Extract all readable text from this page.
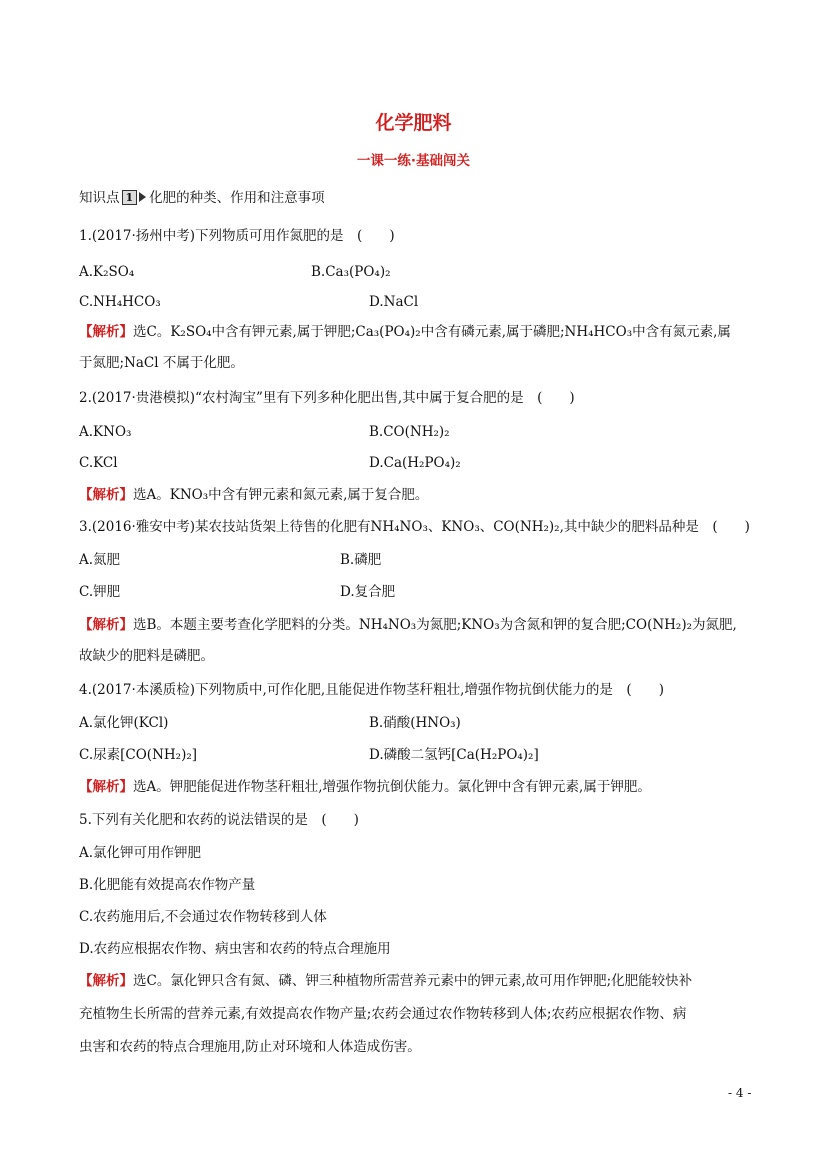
化学肥料
一课一练·基础闯关
知识点 1 化肥的种类、作用和注意事项
1.(2017·扬州中考)下列物质可用作氮肥的是　(　　)
A.K₂SO₄	B.Ca₃(PO₄)₂
C.NH₄HCO₃	D.NaCl
【解析】选C。K₂SO₄中含有钾元素,属于钾肥;Ca₃(PO₄)₂中含有磷元素,属于磷肥;NH₄HCO₃中含有氮元素,属
于氮肥;NaCl 不属于化肥。
2.(2017·贵港模拟)“农村淘宝”里有下列多种化肥出售,其中属于复合肥的是　(　　)
A.KNO₃	B.CO(NH₂)₂
C.KCl	D.Ca(H₂PO₄)₂
【解析】选A。KNO₃中含有钾元素和氮元素,属于复合肥。
3.(2016·雅安中考)某农技站货架上待售的化肥有NH₄NO₃、KNO₃、CO(NH₂)₂,其中缺少的肥料品种是　(　　)
A.氮肥	B.磷肥
C.钾肥	D.复合肥
【解析】选B。本题主要考查化学肥料的分类。NH₄NO₃为氮肥;KNO₃为含氮和钾的复合肥;CO(NH₂)₂为氮肥,
故缺少的肥料是磷肥。
4.(2017·本溪质检)下列物质中,可作化肥,且能促进作物茎秆粗壮,增强作物抗倒伏能力的是　(　　)
A.氯化钾(KCl)	B.硝酸(HNO₃)
C.尿素[CO(NH₂)₂]	D.磷酸二氢钙[Ca(H₂PO₄)₂]
【解析】选A。钾肥能促进作物茎秆粗壮,增强作物抗倒伏能力。氯化钾中含有钾元素,属于钾肥。
5.下列有关化肥和农药的说法错误的是　(　　)
A.氯化钾可用作钾肥
B.化肥能有效提高农作物产量
C.农药施用后,不会通过农作物转移到人体
D.农药应根据农作物、病虫害和农药的特点合理施用
【解析】选C。氯化钾只含有氮、磷、钾三种植物所需营养元素中的钾元素,故可用作钾肥;化肥能较快补
充植物生长所需的营养元素,有效提高农作物产量;农药会通过农作物转移到人体;农药应根据农作物、病
虫害和农药的特点合理施用,防止对环境和人体造成伤害。
- 4 -
